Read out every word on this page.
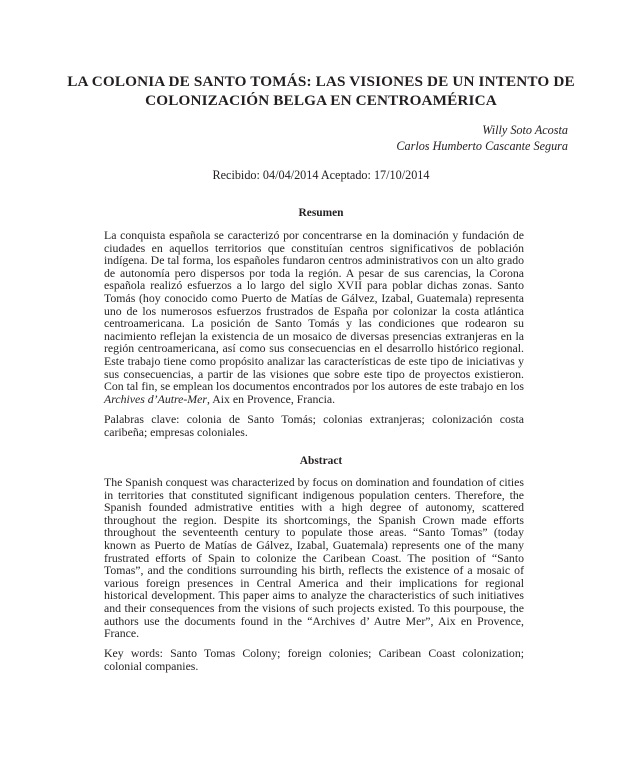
LA COLONIA DE SANTO TOMÁS: LAS VISIONES DE UN INTENTO DE COLONIZACIÓN BELGA EN CENTROAMÉRICA
Willy Soto Acosta
Carlos Humberto Cascante Segura
Recibido: 04/04/2014 Aceptado: 17/10/2014
Resumen

La conquista española se caracterizó por concentrarse en la dominación y fundación de ciudades en aquellos territorios que constituían centros significativos de población indígena. De tal forma, los españoles fundaron centros administrativos con un alto grado de autonomía pero dispersos por toda la región. A pesar de sus carencias, la Corona española realizó esfuerzos a lo largo del siglo XVII para poblar dichas zonas. Santo Tomás (hoy conocido como Puerto de Matías de Gálvez, Izabal, Guatemala) representa uno de los numerosos esfuerzos frustrados de España por colonizar la costa atlántica centroamericana. La posición de Santo Tomás y las condiciones que rodearon su nacimiento reflejan la existencia de un mosaico de diversas presencias extranjeras en la región centroamericana, así como sus consecuencias en el desarrollo histórico regional. Este trabajo tiene como propósito analizar las características de este tipo de iniciativas y sus consecuencias, a partir de las visiones que sobre este tipo de proyectos existieron. Con tal fin, se emplean los documentos encontrados por los autores de este trabajo en los Archives d’Autre-Mer, Aix en Provence, Francia.

Palabras clave: colonia de Santo Tomás; colonias extranjeras; colonización costa caribeña; empresas coloniales.

Abstract

The Spanish conquest was characterized by focus on domination and foundation of cities in territories that constituted significant indigenous population centers. Therefore, the Spanish founded admistrative entities with a high degree of autonomy, scattered throughout the region. Despite its shortcomings, the Spanish Crown made efforts throughout the seventeenth century to populate those areas. “Santo Tomas” (today known as Puerto de Matías de Gálvez, Izabal, Guatemala) represents one of the many frustrated efforts of Spain to colonize the Caribean Coast. The position of “Santo Tomas”, and the conditions surrounding his birth, reflects the existence of a mosaic of various foreign presences in Central America and their implications for regional historical development. This paper aims to analyze the characteristics of such initiatives and their consequences from the visions of such projects existed. To this pourpouse, the authors use the documents found in the “Archives d’ Autre Mer”, Aix en Provence, France.

Key words: Santo Tomas Colony; foreign colonies; Caribean Coast colonization; colonial companies.
